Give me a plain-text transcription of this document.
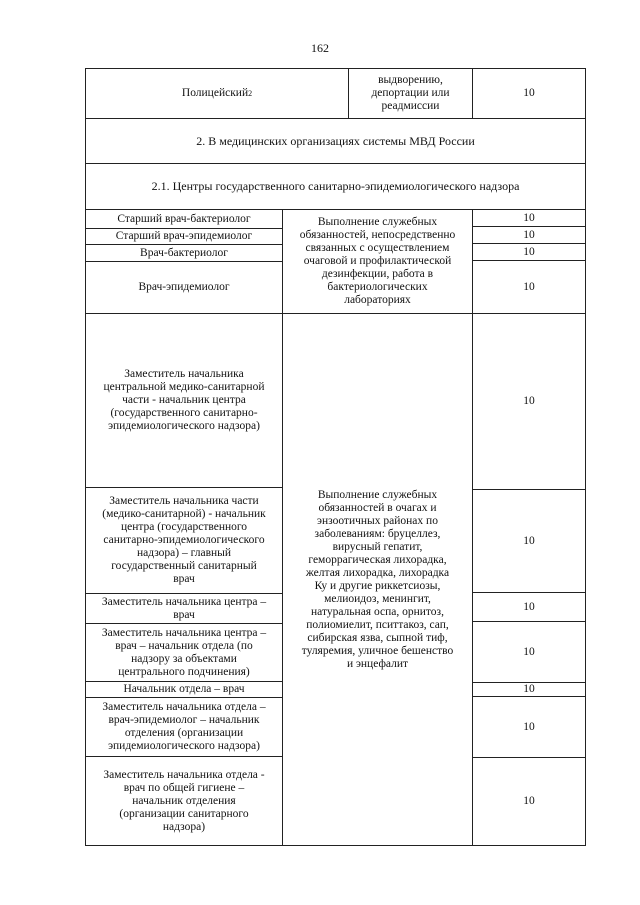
162
Полицейский 2
выдворению,
депортации или
реадмиссии
10
2. В медицинских организациях системы МВД России
2.1. Центры государственного санитарно-эпидемиологического надзора
Старший врач-бактериолог
Старший врач-эпидемиолог
Врач-бактериолог
Врач-эпидемиолог
Выполнение служебных
обязанностей, непосредственно
связанных с осуществлением
очаговой и профилактической
дезинфекции, работа в
бактериологических
лабораториях
10
10
10
10
Заместитель начальника
центральной медико-санитарной
части - начальник центра
(государственного санитарно-
эпидемиологического надзора)
Заместитель начальника части
(медико-санитарной) - начальник
центра (государственного
санитарно-эпидемиологического
надзора) – главный
государственный санитарный
врач
Заместитель начальника центра –
врач
Заместитель начальника центра –
врач – начальник отдела (по
надзору за объектами
центрального подчинения)
Начальник отдела – врач
Заместитель начальника отдела –
врач-эпидемиолог – начальник
отделения (организации
эпидемиологического надзора)
Заместитель начальника отдела -
врач по общей гигиене –
начальник отделения
(организации санитарного
надзора)
Выполнение служебных
обязанностей в очагах и
энзоотичных районах по
заболеваниям: бруцеллез,
вирусный гепатит,
геморрагическая лихорадка,
желтая лихорадка, лихорадка
Ку и другие риккетсиозы,
мелиоидоз, менингит,
натуральная оспа, орнитоз,
полиомиелит, пситтакоз, сап,
сибирская язва, сыпной тиф,
туляремия, уличное бешенство
и энцефалит
10
10
10
10
10
10
10
